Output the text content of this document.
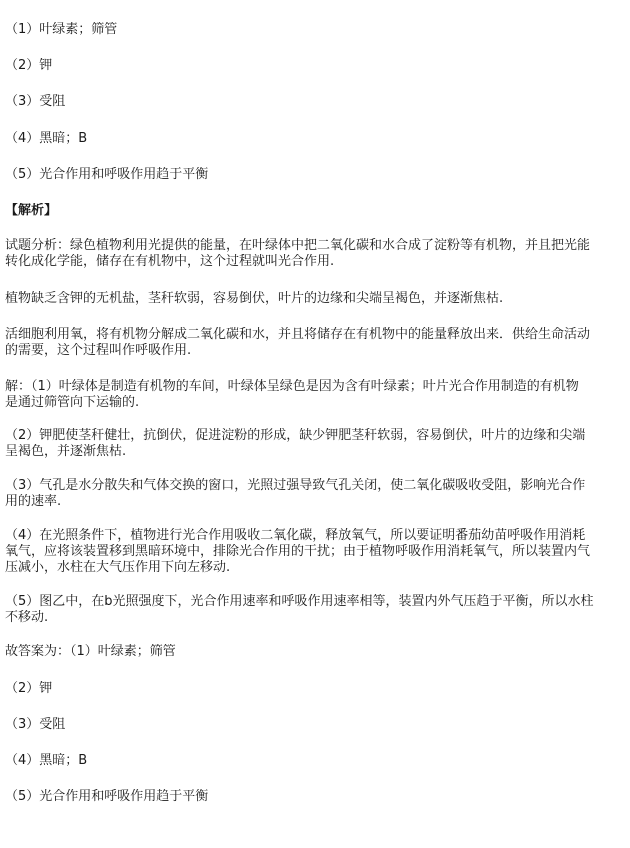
（1）叶绿素；筛管
（2）钾
（3）受阻
（4）黑暗；B
（5）光合作用和呼吸作用趋于平衡
【解析】
试题分析：绿色植物利用光提供的能量，在叶绿体中把二氧化碳和水合成了淀粉等有机物，并且把光能
转化成化学能，储存在有机物中，这个过程就叫光合作用.
植物缺乏含钾的无机盐，茎秆软弱，容易倒伏，叶片的边缘和尖端呈褐色，并逐渐焦枯.
活细胞利用氧，将有机物分解成二氧化碳和水，并且将储存在有机物中的能量释放出来．供给生命活动
的需要，这个过程叫作呼吸作用.
解：（1）叶绿体是制造有机物的车间，叶绿体呈绿色是因为含有叶绿素；叶片光合作用制造的有机物
是通过筛管向下运输的.
（2）钾肥使茎秆健壮，抗倒伏，促进淀粉的形成，缺少钾肥茎秆软弱，容易倒伏，叶片的边缘和尖端
呈褐色，并逐渐焦枯.
（3）气孔是水分散失和气体交换的窗口，光照过强导致气孔关闭，使二氧化碳吸收受阻，影响光合作
用的速率.
（4）在光照条件下，植物进行光合作用吸收二氧化碳，释放氧气，所以要证明番茄幼苗呼吸作用消耗
氧气，应将该装置移到黑暗环境中，排除光合作用的干扰；由于植物呼吸作用消耗氧气，所以装置内气
压减小，水柱在大气压作用下向左移动.
（5）图乙中，在b光照强度下，光合作用速率和呼吸作用速率相等，装置内外气压趋于平衡，所以水柱
不移动.
故答案为：（1）叶绿素；筛管
（2）钾
（3）受阻
（4）黑暗；B
（5）光合作用和呼吸作用趋于平衡
